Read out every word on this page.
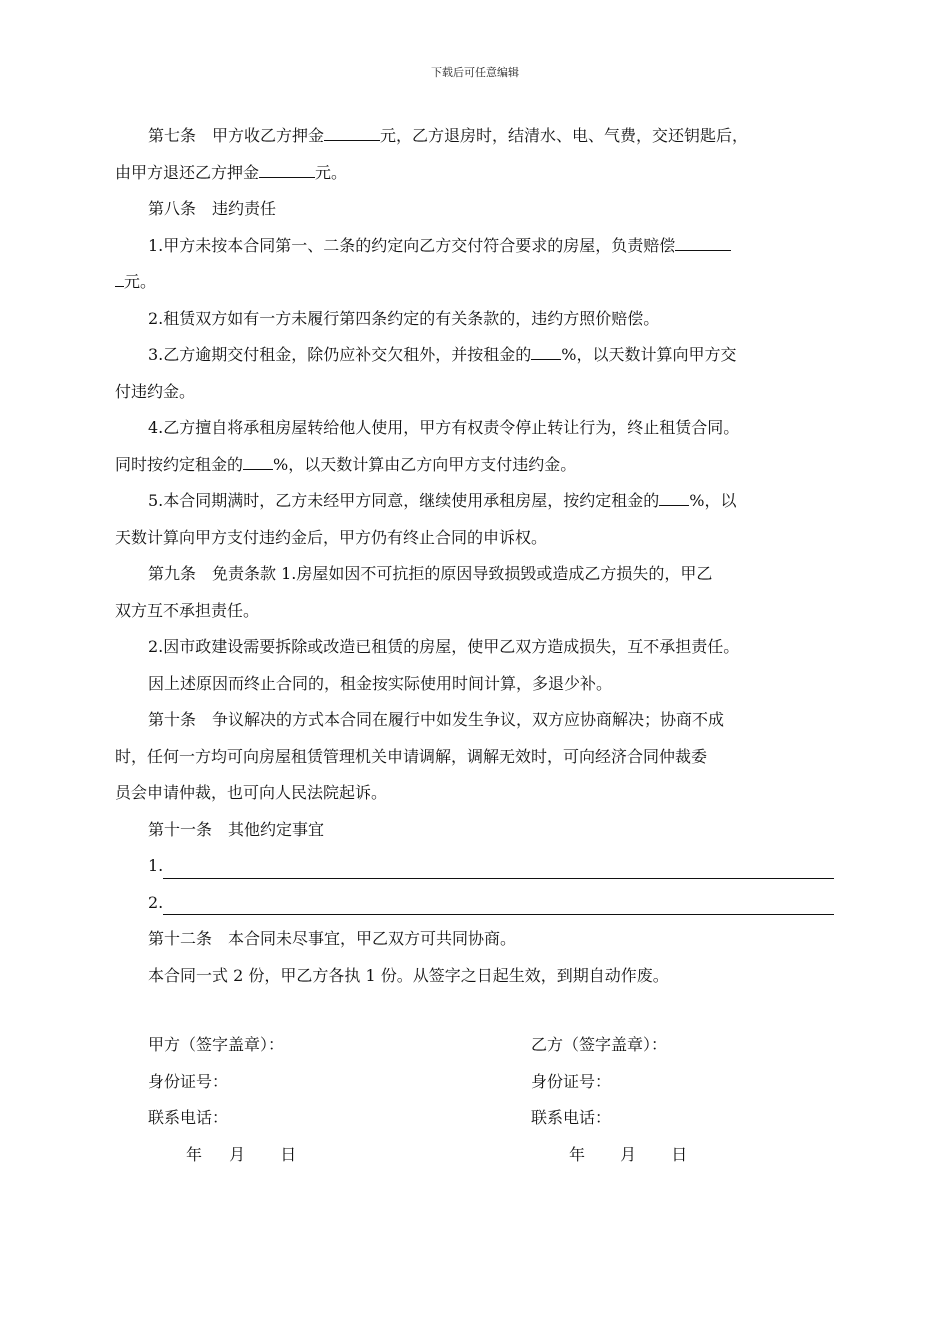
下载后可任意编辑

第七条 甲方收乙方押金	元，乙方退房时，结清水、电、气费，交还钥匙后，

由甲方退还乙方押金	元。

第八条 违约责任

1.甲方未按本合同第一、二条的约定向乙方交付符合要求的房屋，负责赔偿

元。

2.租赁双方如有一方未履行第四条约定的有关条款的，违约方照价赔偿。

3.乙方逾期交付租金，除仍应补交欠租外，并按租金的 %，以天数计算向甲方交

付违约金。

4.乙方擅自将承租房屋转给他人使用，甲方有权责令停止转让行为，终止租赁合同。

同时按约定租金的 %，以天数计算由乙方向甲方支付违约金。

5.本合同期满时，乙方未经甲方同意，继续使用承租房屋，按约定租金的 %，以

天数计算向甲方支付违约金后，甲方仍有终止合同的申诉权。

第九条 免责条款 1.房屋如因不可抗拒的原因导致损毁或造成乙方损失的，甲乙

双方互不承担责任。

2.因市政建设需要拆除或改造已租赁的房屋，使甲乙双方造成损失，互不承担责任。

因上述原因而终止合同的，租金按实际使用时间计算，多退少补。

第十条 争议解决的方式本合同在履行中如发生争议，双方应协商解决；协商不成

时，任何一方均可向房屋租赁管理机关申请调解，调解无效时，可向经济合同仲裁委

员会申请仲裁，也可向人民法院起诉。

第十一条 其他约定事宜

1.

2.

第十二条 本合同未尽事宜，甲乙双方可共同协商。

本合同一式 2 份，甲乙方各执 1 份。从签字之日起生效，到期自动作废。

甲方（签字盖章）：	乙方（签字盖章）：
身份证号：	身份证号：
联系电话：	联系电话：
年 月 日	年 月 日
